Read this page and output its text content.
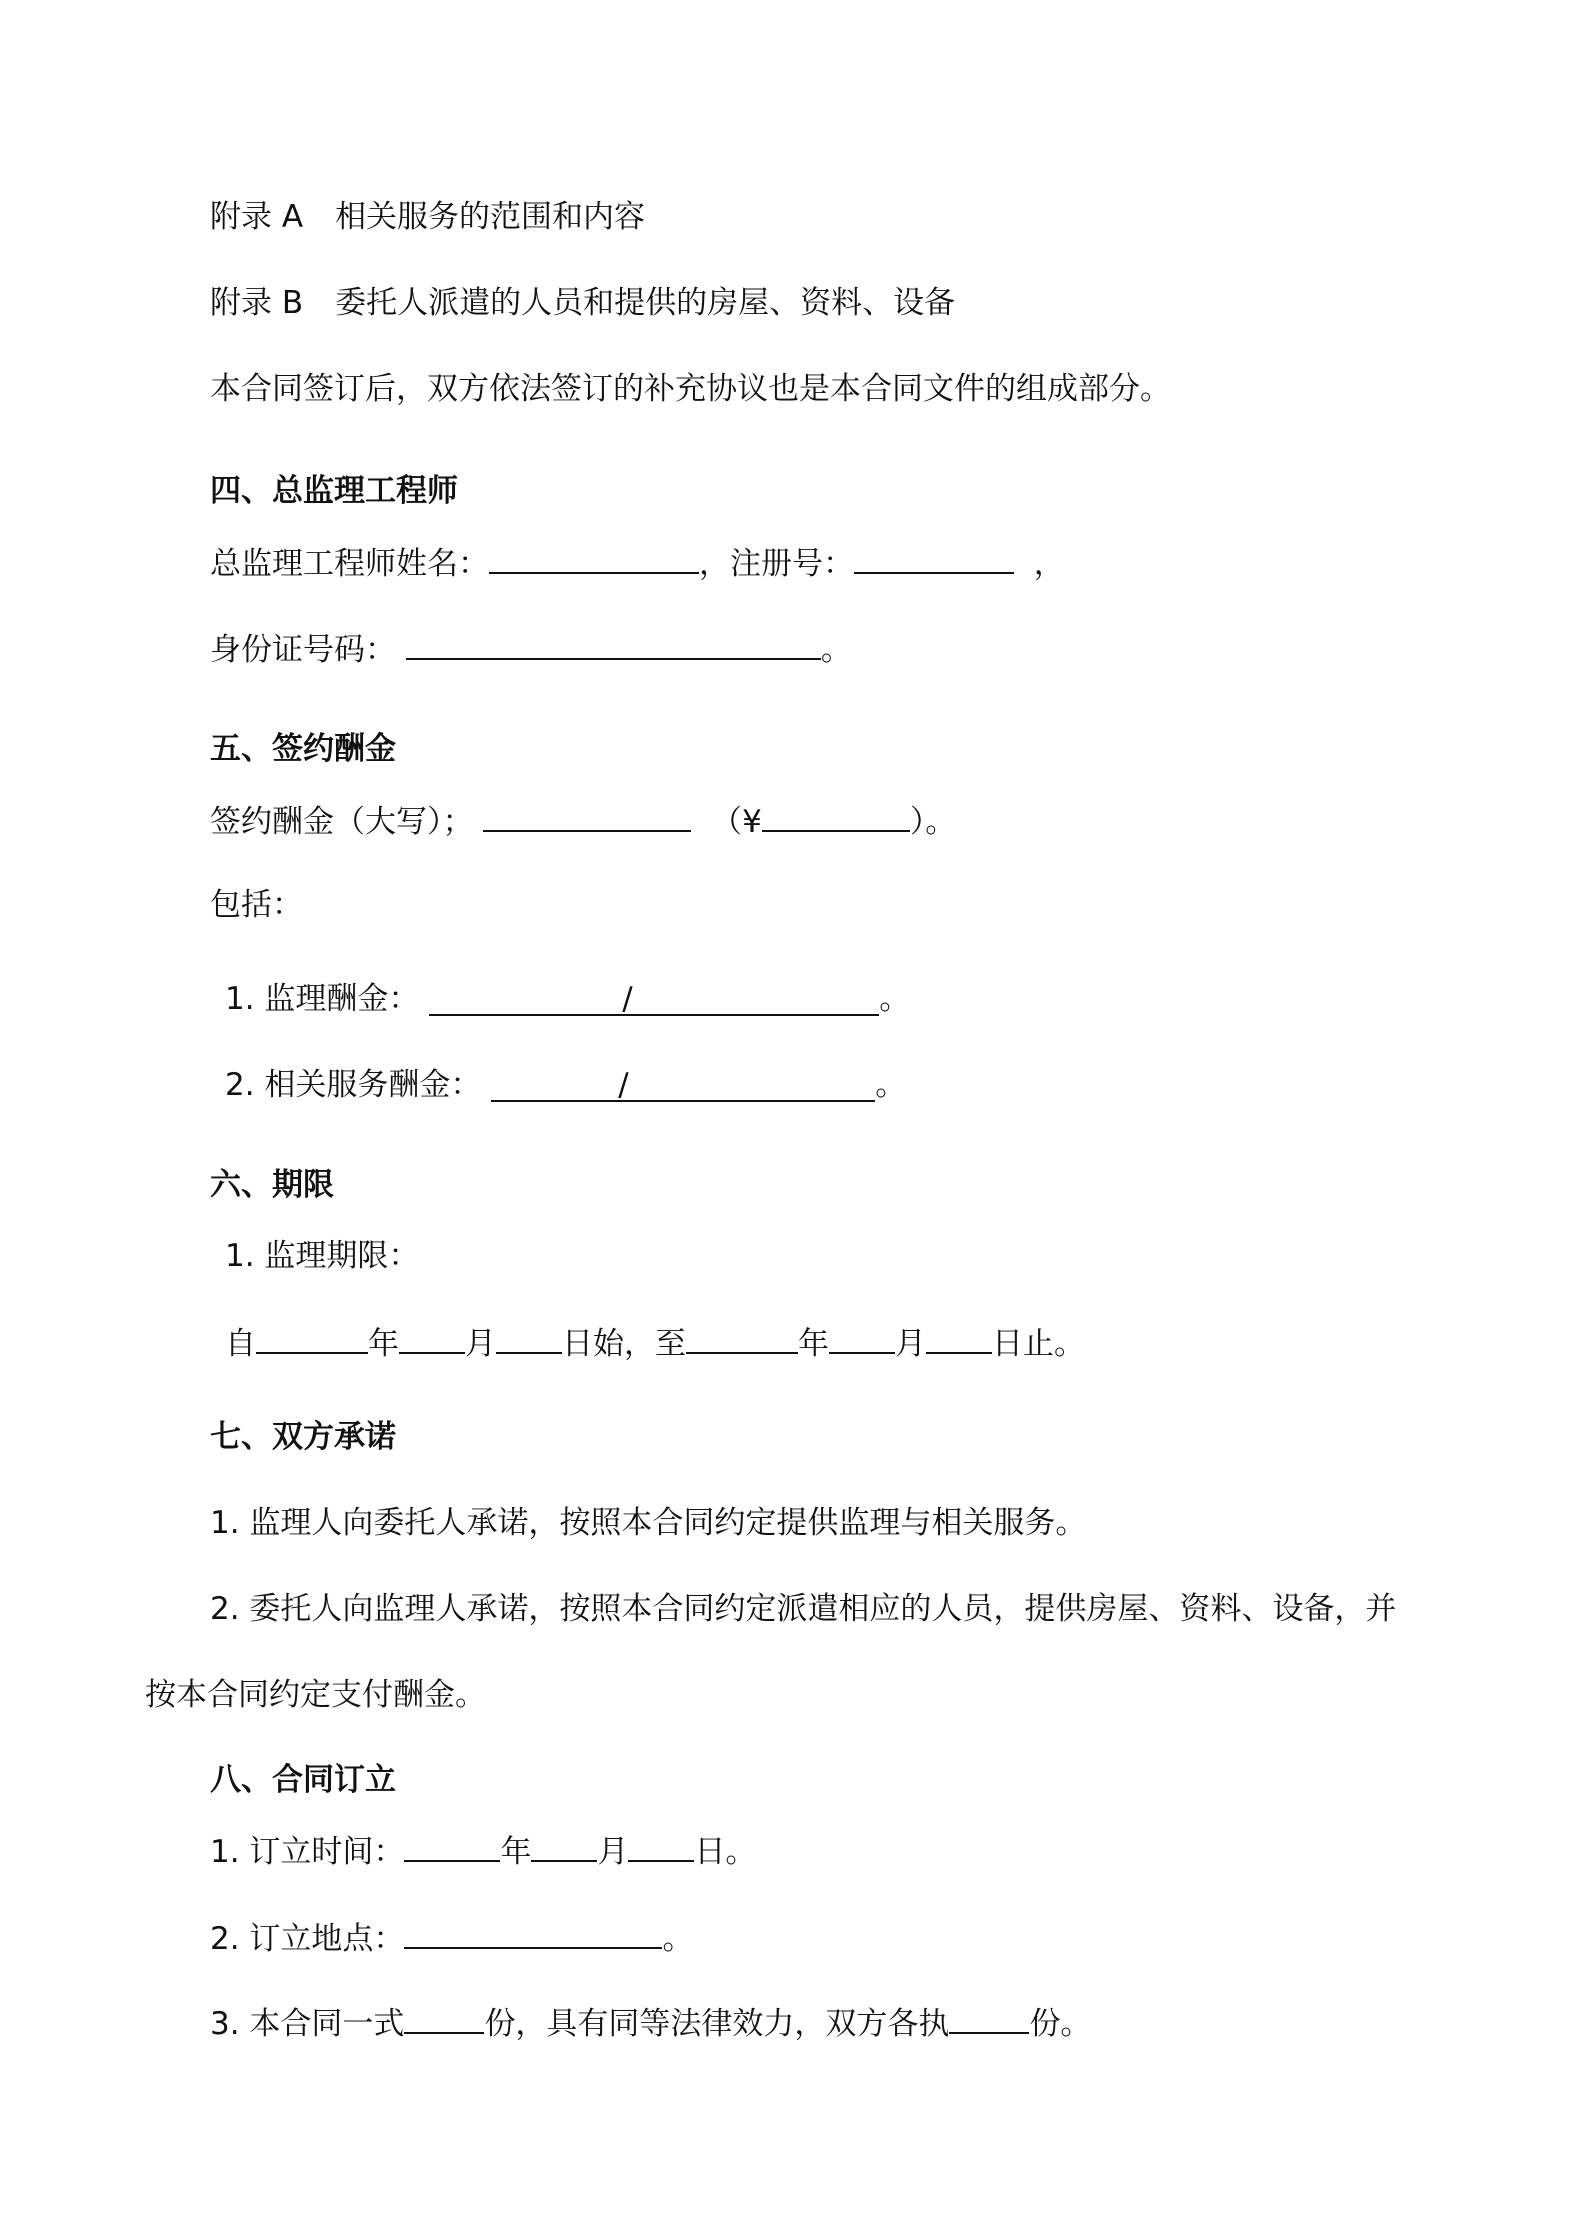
附录 A 相关服务的范围和内容
附录 B 委托人派遣的人员和提供的房屋、资料、设备
本合同签订后，双方依法签订的补充协议也是本合同文件的组成部分。
四、总监理工程师
总监理工程师姓名：	，注册号：	，
身份证号码：	。
五、签约酬金
签约酬金（大写）；	（¥	）。
包括：
1. 监理酬金：	/	。
2. 相关服务酬金：	/	。
六、期限
1. 监理期限：
自	年 月 日始，至	年 月 日止。
七、双方承诺
1. 监理人向委托人承诺，按照本合同约定提供监理与相关服务。
2. 委托人向监理人承诺，按照本合同约定派遣相应的人员，提供房屋、资料、设备，并
按本合同约定支付酬金。
八、合同订立
1. 订立时间：	年 月 日。
2. 订立地点：	。
3. 本合同一式	份，具有同等法律效力，双方各执	份。
